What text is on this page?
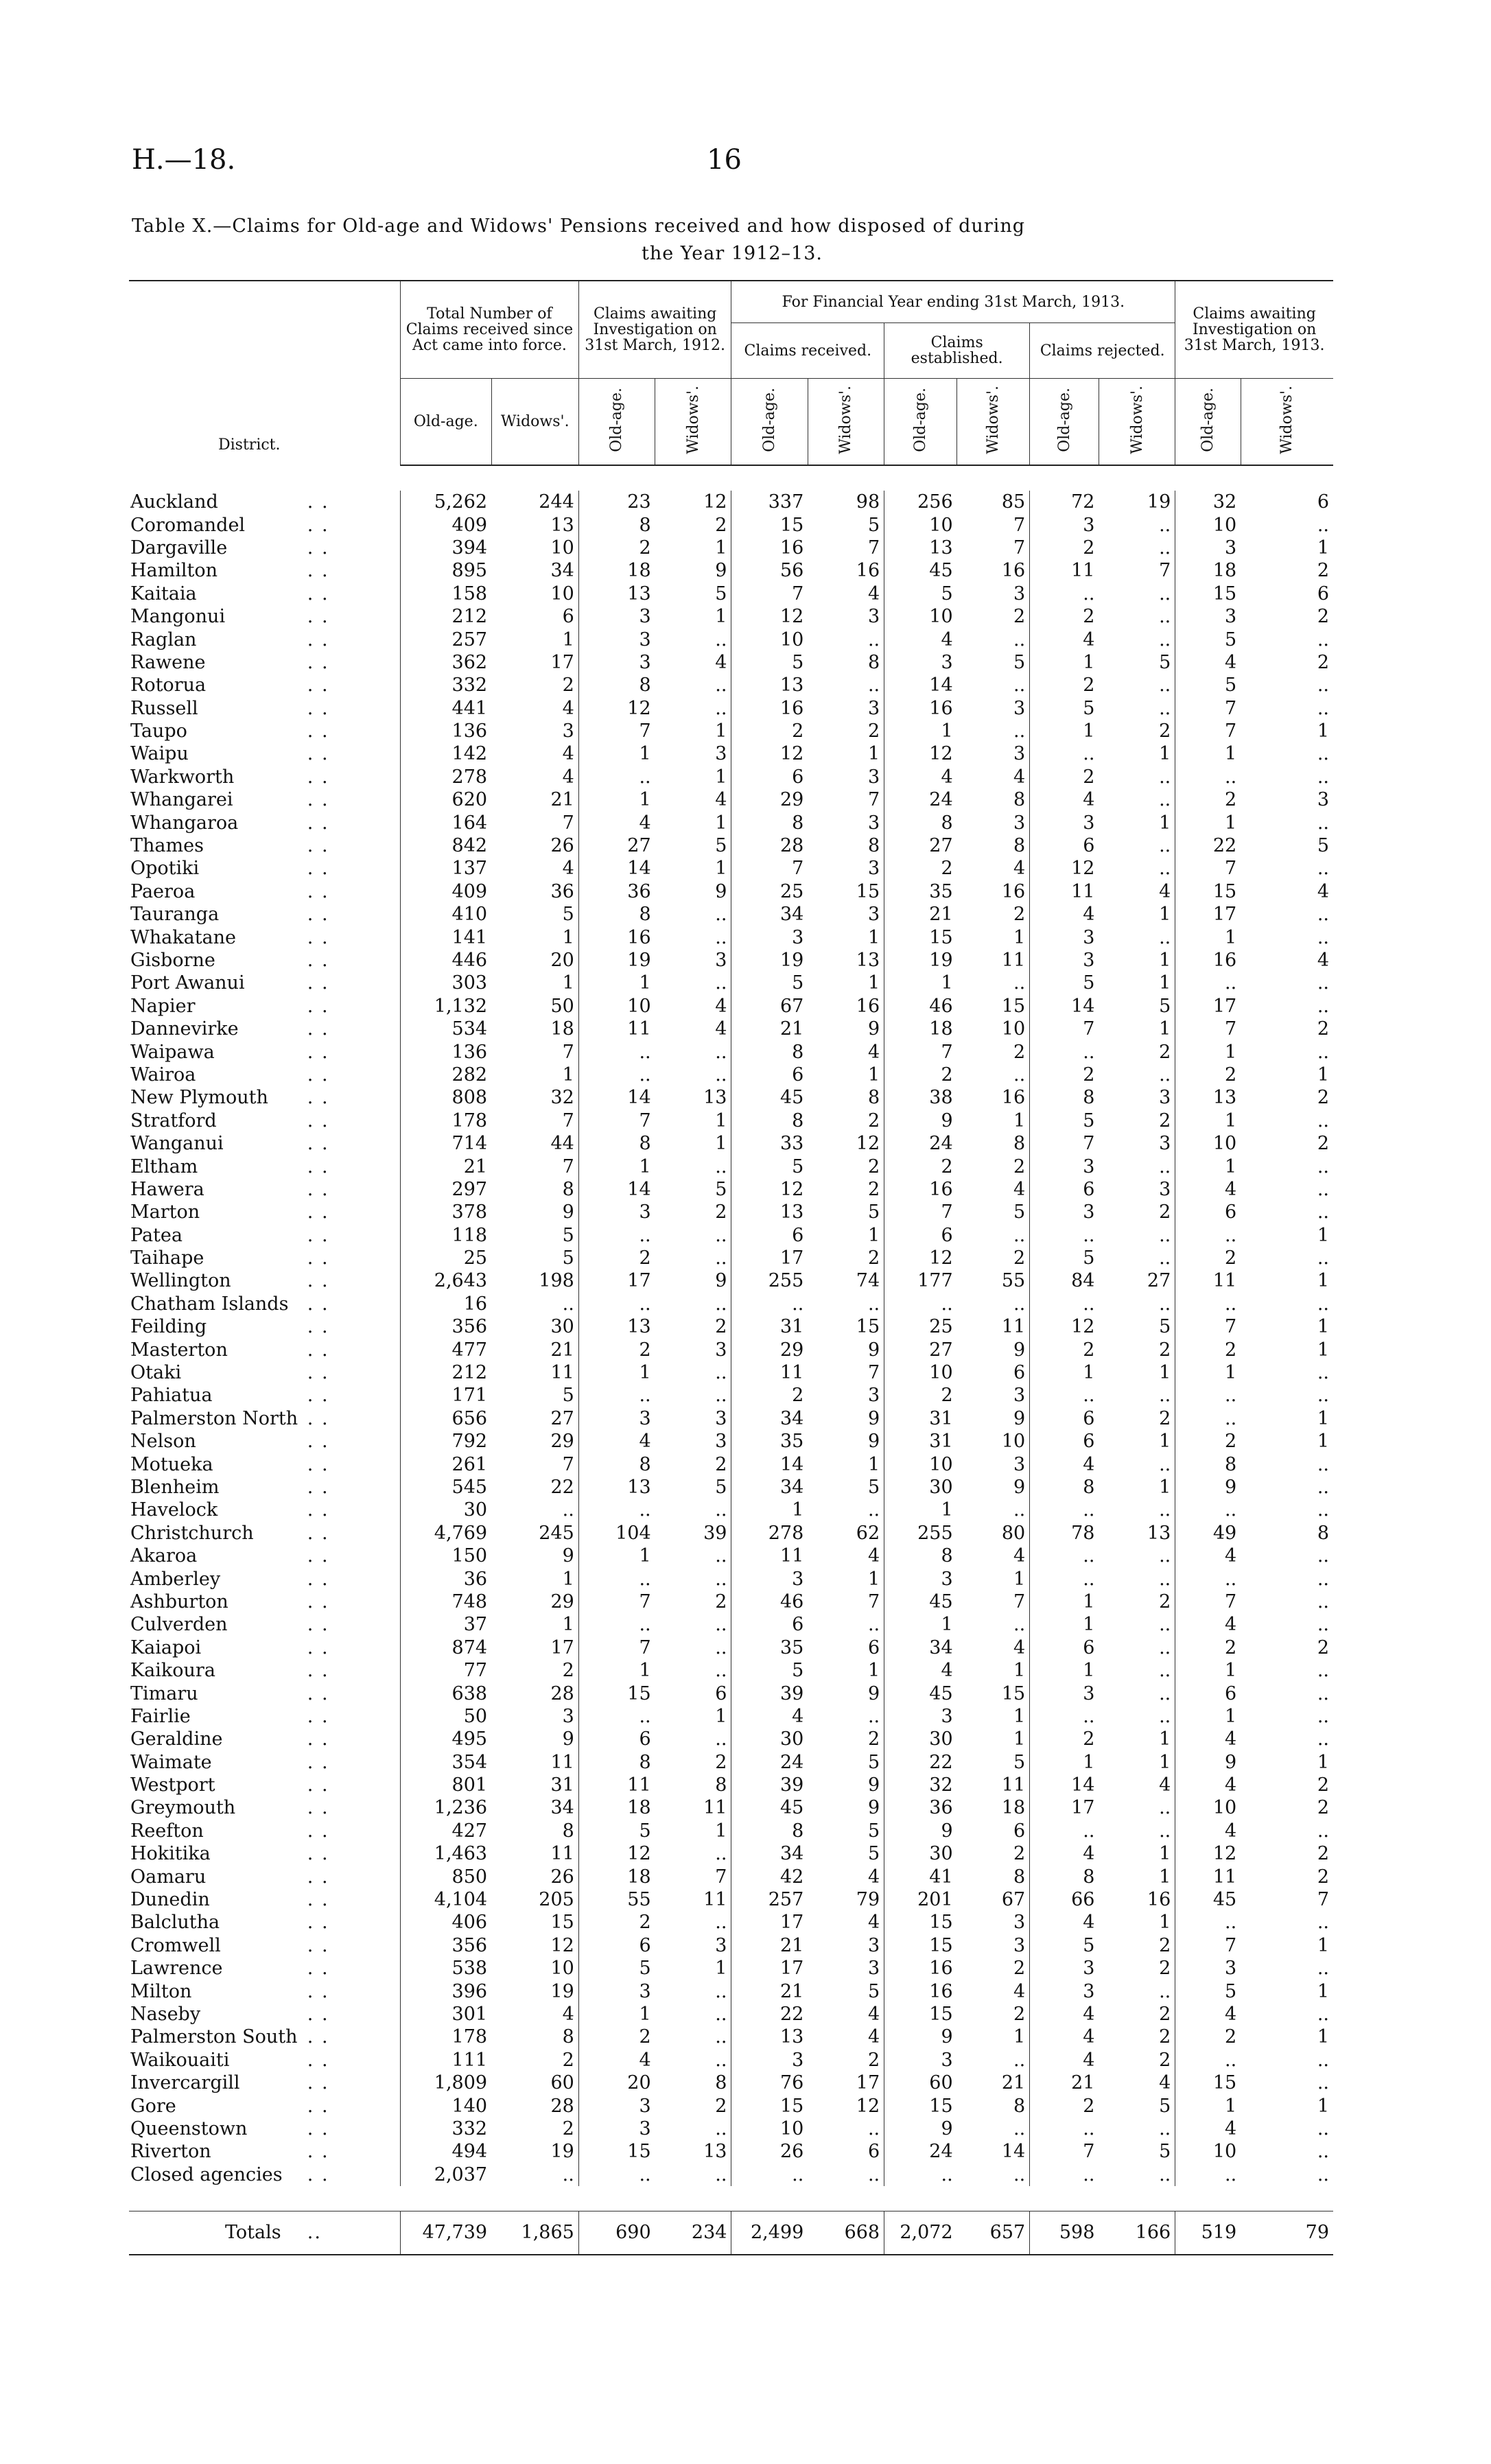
H.—18.	16
Table X.—Claims for Old-age and Widows' Pensions received and how disposed of during
the Year 1912–13.
District.		Total Number of Claims received since Act came into force.		Claims awaiting Investigation on 31st March, 1912.		For Financial Year ending 31st March, 1913.						Claims awaiting Investigation on 31st March, 1913.	
						Claims received.		Claims established.		Claims rejected.			
		Old-age.	Widows'.	Old-age.	Widows'.	Old-age.	Widows'.	Old-age.	Widows'.	Old-age.	Widows'.	Old-age.	Widows'.

Auckland	. .	5,262	244	23	12	337	98	256	85	72	19	32	6
Coromandel	. .	409	13	8	2	15	5	10	7	3	..	10	..
Dargaville	. .	394	10	2	1	16	7	13	7	2	..	3	1
Hamilton	. .	895	34	18	9	56	16	45	16	11	7	18	2
Kaitaia	. .	158	10	13	5	7	4	5	3	..	..	15	6
Mangonui	. .	212	6	3	1	12	3	10	2	2	..	3	2
Raglan	. .	257	1	3	..	10	..	4	..	4	..	5	..
Rawene	. .	362	17	3	4	5	8	3	5	1	5	4	2
Rotorua	. .	332	2	8	..	13	..	14	..	2	..	5	..
Russell	. .	441	4	12	..	16	3	16	3	5	..	7	..
Taupo	. .	136	3	7	1	2	2	1	..	1	2	7	1
Waipu	. .	142	4	1	3	12	1	12	3	..	1	1	..
Warkworth	. .	278	4	..	1	6	3	4	4	2	..	..	..
Whangarei	. .	620	21	1	4	29	7	24	8	4	..	2	3
Whangaroa	. .	164	7	4	1	8	3	8	3	3	1	1	..
Thames	. .	842	26	27	5	28	8	27	8	6	..	22	5
Opotiki	. .	137	4	14	1	7	3	2	4	12	..	7	..
Paeroa	. .	409	36	36	9	25	15	35	16	11	4	15	4
Tauranga	. .	410	5	8	..	34	3	21	2	4	1	17	..
Whakatane	. .	141	1	16	..	3	1	15	1	3	..	1	..
Gisborne	. .	446	20	19	3	19	13	19	11	3	1	16	4
Port Awanui	. .	303	1	1	..	5	1	1	..	5	1	..	..
Napier	. .	1,132	50	10	4	67	16	46	15	14	5	17	..
Dannevirke	. .	534	18	11	4	21	9	18	10	7	1	7	2
Waipawa	. .	136	7	..	..	8	4	7	2	..	2	1	..
Wairoa	. .	282	1	..	..	6	1	2	..	2	..	2	1
New Plymouth	. .	808	32	14	13	45	8	38	16	8	3	13	2
Stratford	. .	178	7	7	1	8	2	9	1	5	2	1	..
Wanganui	. .	714	44	8	1	33	12	24	8	7	3	10	2
Eltham	. .	21	7	1	..	5	2	2	2	3	..	1	..
Hawera	. .	297	8	14	5	12	2	16	4	6	3	4	..
Marton	. .	378	9	3	2	13	5	7	5	3	2	6	..
Patea	. .	118	5	..	..	6	1	6	..	..	..	..	1
Taihape	. .	25	5	2	..	17	2	12	2	5	..	2	..
Wellington	. .	2,643	198	17	9	255	74	177	55	84	27	11	1
Chatham Islands	. .	16	..	..	..	..	..	..	..	..	..	..	..
Feilding	. .	356	30	13	2	31	15	25	11	12	5	7	1
Masterton	. .	477	21	2	3	29	9	27	9	2	2	2	1
Otaki	. .	212	11	1	..	11	7	10	6	1	1	1	..
Pahiatua	. .	171	5	..	..	2	3	2	3	..	..	..	..
Palmerston North	. .	656	27	3	3	34	9	31	9	6	2	..	1
Nelson	. .	792	29	4	3	35	9	31	10	6	1	2	1
Motueka	. .	261	7	8	2	14	1	10	3	4	..	8	..
Blenheim	. .	545	22	13	5	34	5	30	9	8	1	9	..
Havelock	. .	30	..	..	..	1	..	1	..	..	..	..	..
Christchurch	. .	4,769	245	104	39	278	62	255	80	78	13	49	8
Akaroa	. .	150	9	1	..	11	4	8	4	..	..	4	..
Amberley	. .	36	1	..	..	3	1	3	1	..	..	..	..
Ashburton	. .	748	29	7	2	46	7	45	7	1	2	7	..
Culverden	. .	37	1	..	..	6	..	1	..	1	..	4	..
Kaiapoi	. .	874	17	7	..	35	6	34	4	6	..	2	2
Kaikoura	. .	77	2	1	..	5	1	4	1	1	..	1	..
Timaru	. .	638	28	15	6	39	9	45	15	3	..	6	..
Fairlie	. .	50	3	..	1	4	..	3	1	..	..	1	..
Geraldine	. .	495	9	6	..	30	2	30	1	2	1	4	..
Waimate	. .	354	11	8	2	24	5	22	5	1	1	9	1
Westport	. .	801	31	11	8	39	9	32	11	14	4	4	2
Greymouth	. .	1,236	34	18	11	45	9	36	18	17	..	10	2
Reefton	. .	427	8	5	1	8	5	9	6	..	..	4	..
Hokitika	. .	1,463	11	12	..	34	5	30	2	4	1	12	2
Oamaru	. .	850	26	18	7	42	4	41	8	8	1	11	2
Dunedin	. .	4,104	205	55	11	257	79	201	67	66	16	45	7
Balclutha	. .	406	15	2	..	17	4	15	3	4	1	..	..
Cromwell	. .	356	12	6	3	21	3	15	3	5	2	7	1
Lawrence	. .	538	10	5	1	17	3	16	2	3	2	3	..
Milton	. .	396	19	3	..	21	5	16	4	3	..	5	1
Naseby	. .	301	4	1	..	22	4	15	2	4	2	4	..
Palmerston South	. .	178	8	2	..	13	4	9	1	4	2	2	1
Waikouaiti	. .	111	2	4	..	3	2	3	..	4	2	..	..
Invercargill	. .	1,809	60	20	8	76	17	60	21	21	4	15	..
Gore	. .	140	28	3	2	15	12	15	8	2	5	1	1
Queenstown	. .	332	2	3	..	10	..	9	..	..	..	4	..
Riverton	. .	494	19	15	13	26	6	24	14	7	5	10	..
Closed agencies	. .	2,037	..	..	..	..	..	..	..	..	..	..	..

Totals	..	47,739	1,865	690	234	2,499	668	2,072	657	598	166	519	79
